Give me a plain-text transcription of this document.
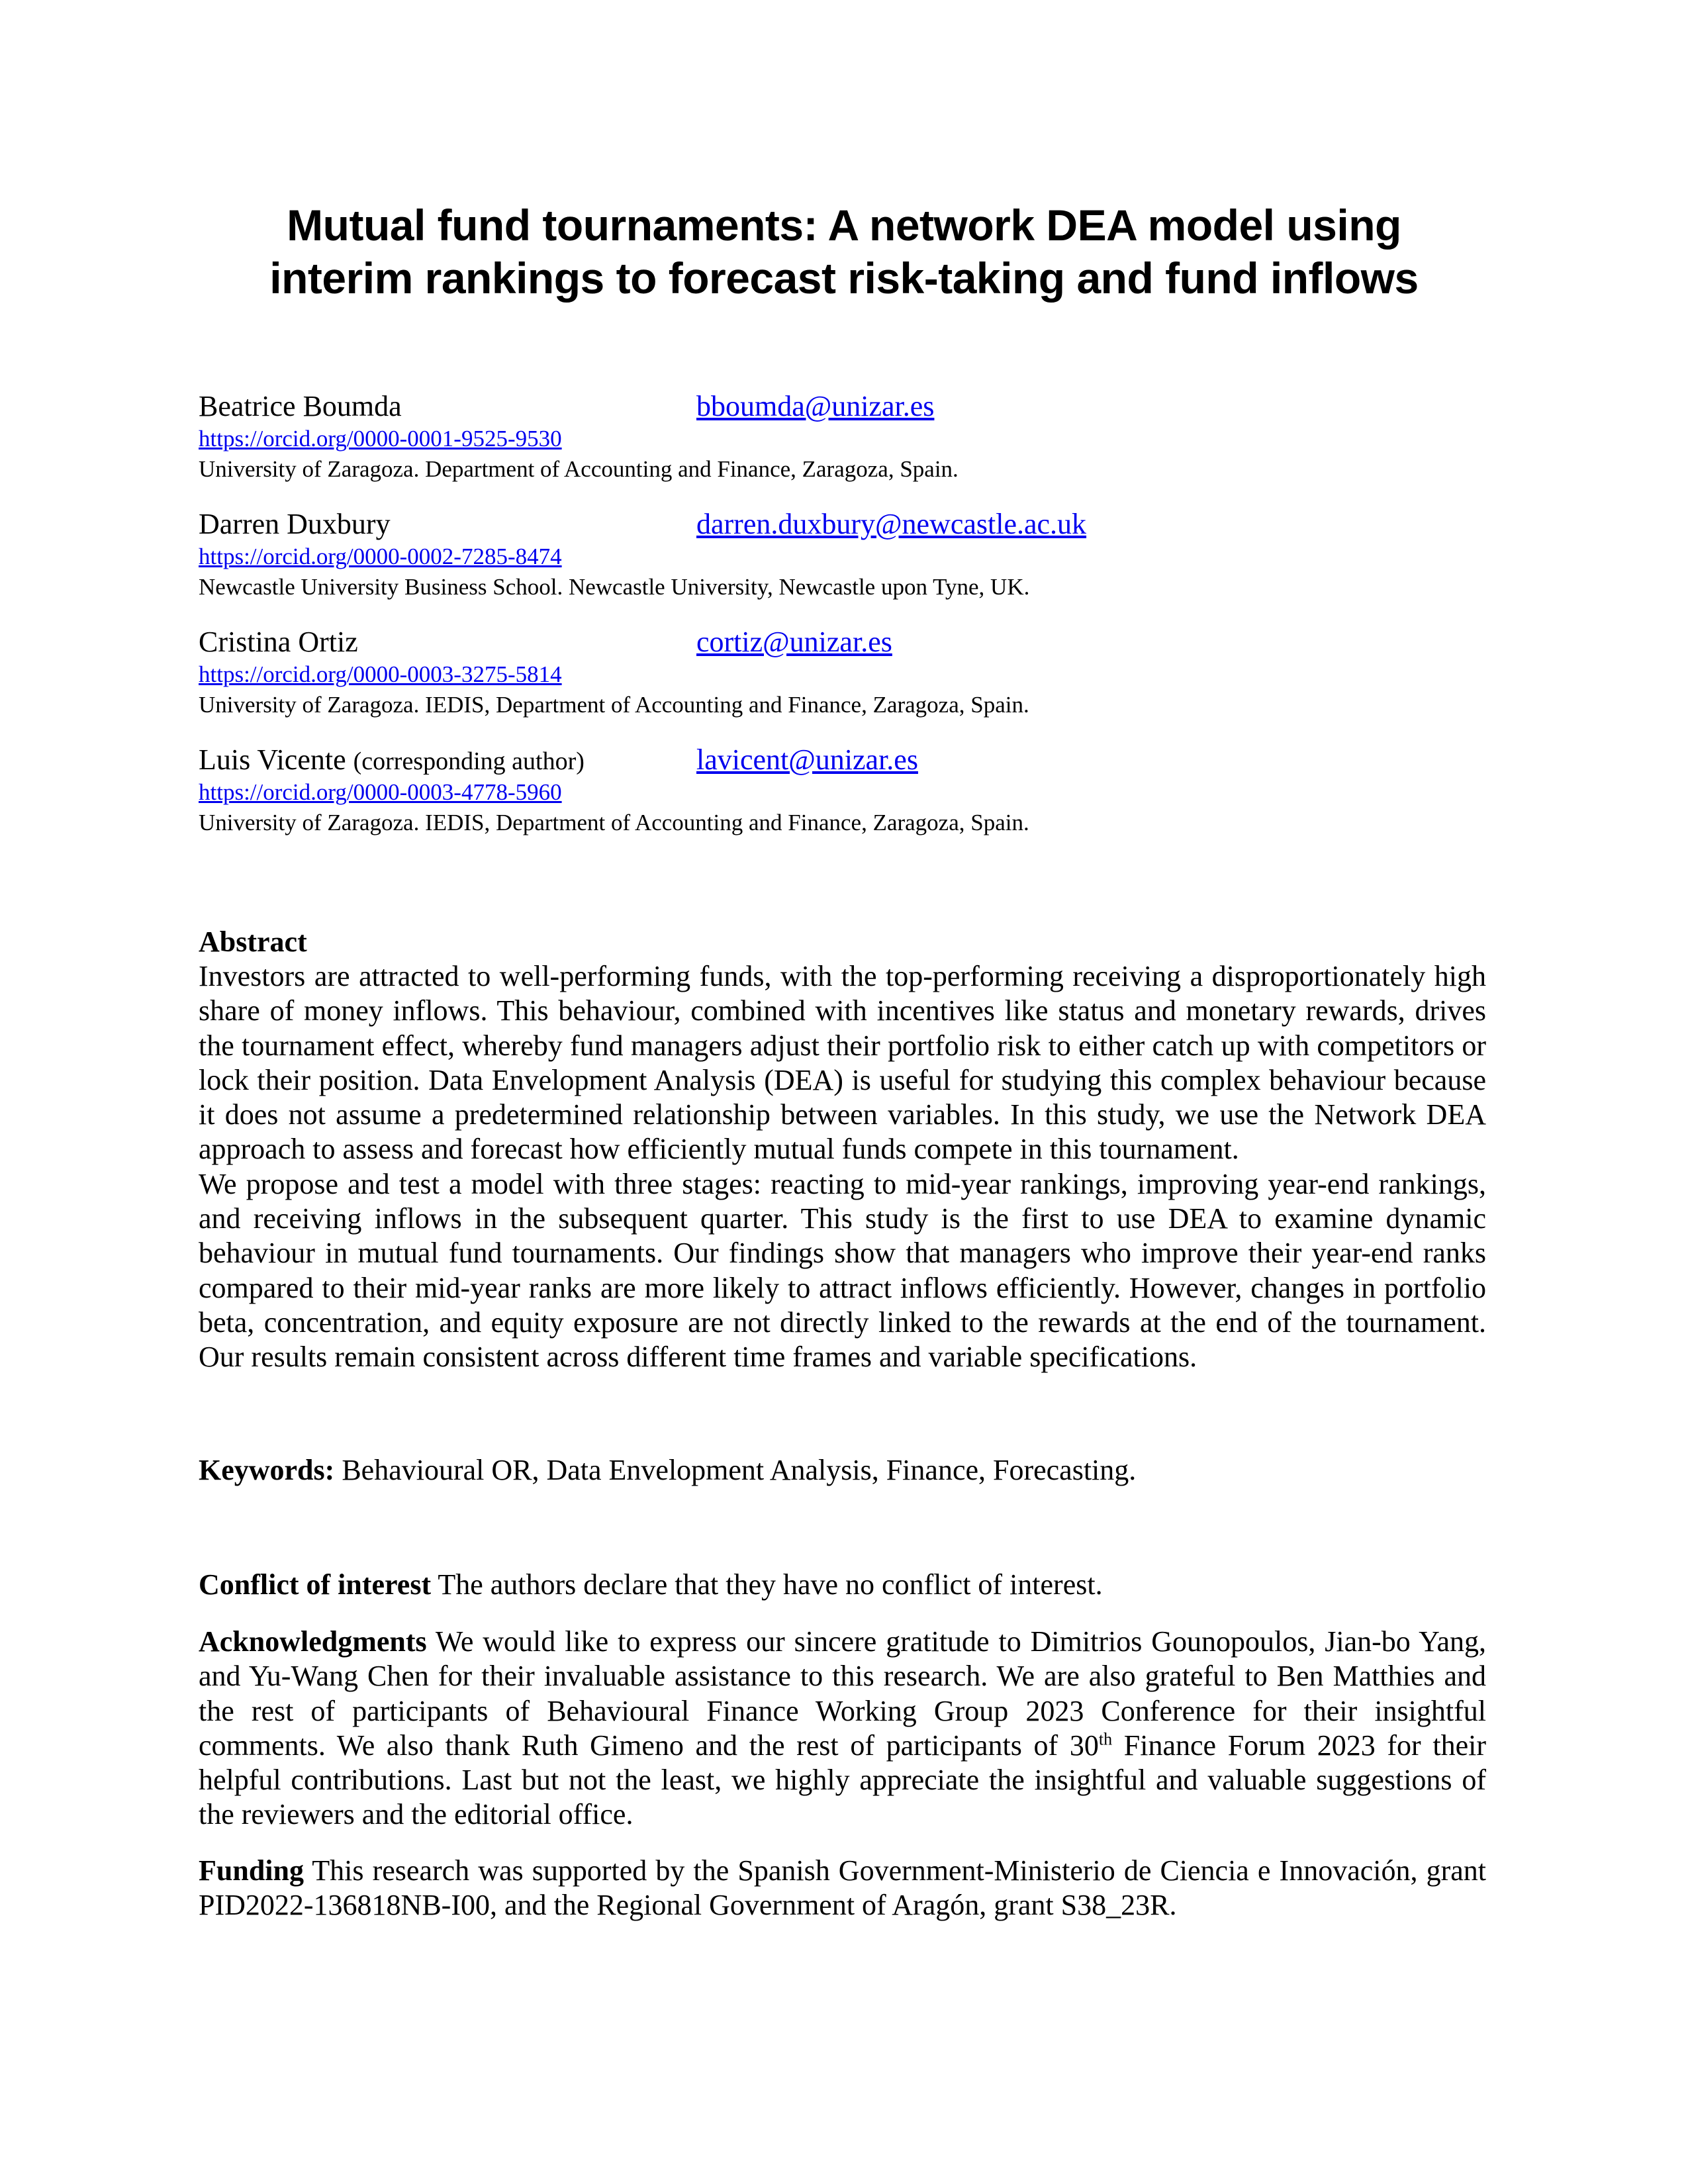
Mutual fund tournaments: A network DEA model using
interim rankings to forecast risk-taking and fund inflows
Beatrice Boumda	bboumda@unizar.es
https://orcid.org/0000-0001-9525-9530
University of Zaragoza. Department of Accounting and Finance, Zaragoza, Spain.
Darren Duxbury	darren.duxbury@newcastle.ac.uk
https://orcid.org/0000-0002-7285-8474
Newcastle University Business School. Newcastle University, Newcastle upon Tyne, UK.
Cristina Ortiz	cortiz@unizar.es
https://orcid.org/0000-0003-3275-5814
University of Zaragoza. IEDIS, Department of Accounting and Finance, Zaragoza, Spain.
Luis Vicente (corresponding author)	lavicent@unizar.es
https://orcid.org/0000-0003-4778-5960
University of Zaragoza. IEDIS, Department of Accounting and Finance, Zaragoza, Spain.
Abstract

Investors are attracted to well-performing funds, with the top-performing receiving a disproportionately high share of money inflows. This behaviour, combined with incentives like status and monetary rewards, drives the tournament effect, whereby fund managers adjust their portfolio risk to either catch up with competitors or lock their position. Data Envelopment Analysis (DEA) is useful for studying this complex behaviour because it does not assume a predetermined relationship between variables. In this study, we use the Network DEA approach to assess and forecast how efficiently mutual funds compete in this tournament.

We propose and test a model with three stages: reacting to mid-year rankings, improving year-end rankings, and receiving inflows in the subsequent quarter. This study is the first to use DEA to examine dynamic behaviour in mutual fund tournaments. Our findings show that managers who improve their year-end ranks compared to their mid-year ranks are more likely to attract inflows efficiently. However, changes in portfolio beta, concentration, and equity exposure are not directly linked to the rewards at the end of the tournament. Our results remain consistent across different time frames and variable specifications.

Keywords: Behavioural OR, Data Envelopment Analysis, Finance, Forecasting.

Conflict of interest The authors declare that they have no conflict of interest.

Acknowledgments We would like to express our sincere gratitude to Dimitrios Gounopoulos, Jian-bo Yang, and Yu-Wang Chen for their invaluable assistance to this research. We are also grateful to Ben Matthies and the rest of participants of Behavioural Finance Working Group 2023 Conference for their insightful comments. We also thank Ruth Gimeno and the rest of participants of 30th Finance Forum 2023 for their helpful contributions. Last but not the least, we highly appreciate the insightful and valuable suggestions of the reviewers and the editorial office.

Funding This research was supported by the Spanish Government-Ministerio de Ciencia e Innovación, grant PID2022-136818NB-I00, and the Regional Government of Aragón, grant S38_23R.
